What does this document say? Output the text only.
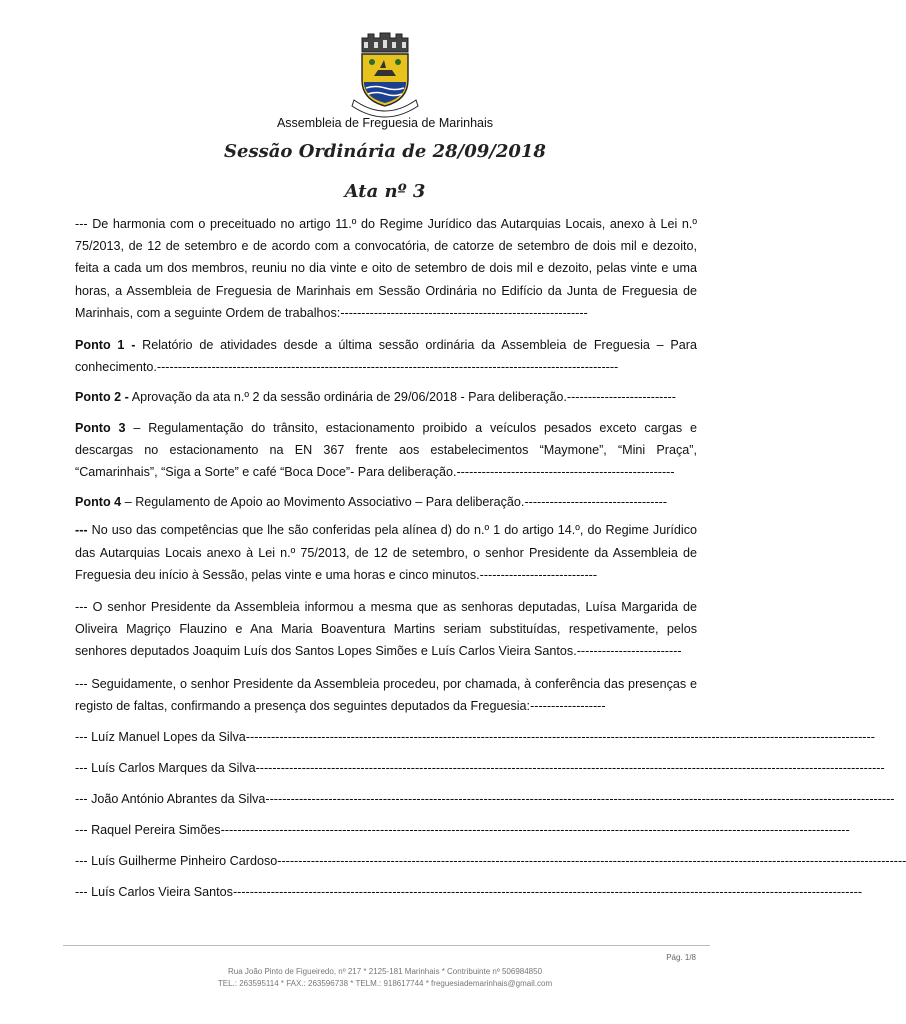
Assembleia de Freguesia de Marinhais
Sessão Ordinária de 28/09/2018
Ata nº 3

--- De harmonia com o preceituado no artigo 11.º do Regime Jurídico das Autarquias Locais, anexo à Lei n.º 75/2013, de 12 de setembro e de acordo com a convocatória, de catorze de setembro de dois mil e dezoito, feita a cada um dos membros, reuniu no dia vinte e oito de setembro de dois mil e dezoito, pelas vinte e uma horas, a Assembleia de Freguesia de Marinhais em Sessão Ordinária no Edifício da Junta de Freguesia de Marinhais, com a seguinte Ordem de trabalhos:-----------------------------------------------------------

Ponto 1 - Relatório de atividades desde a última sessão ordinária da Assembleia de Freguesia – Para conhecimento.--------------------------------------------------------------------------------------------------------------

Ponto 2 - Aprovação da ata n.º 2 da sessão ordinária de 29/06/2018 - Para deliberação.--------------------------

Ponto 3 – Regulamentação do trânsito, estacionamento proibido a veículos pesados exceto cargas e descargas no estacionamento na EN 367 frente aos estabelecimentos “Maymone”, “Mini Praça”, “Camarinhais”, “Siga a Sorte” e café “Boca Doce”- Para deliberação.----------------------------------------------------

Ponto 4 – Regulamento de Apoio ao Movimento Associativo – Para deliberação.----------------------------------

--- No uso das competências que lhe são conferidas pela alínea d) do n.º 1 do artigo 14.º, do Regime Jurídico das Autarquias Locais anexo à Lei n.º 75/2013, de 12 de setembro, o senhor Presidente da Assembleia de Freguesia deu início à Sessão, pelas vinte e uma horas e cinco minutos.----------------------------

--- O senhor Presidente da Assembleia informou a mesma que as senhoras deputadas, Luísa Margarida de Oliveira Magriço Flauzino e Ana Maria Boaventura Martins seriam substituídas, respetivamente, pelos senhores deputados Joaquim Luís dos Santos Lopes Simões e Luís Carlos Vieira Santos.-------------------------

--- Seguidamente, o senhor Presidente da Assembleia procedeu, por chamada, à conferência das presenças e registo de faltas, confirmando a presença dos seguintes deputados da Freguesia:------------------

--- Luíz Manuel Lopes da Silva ------------------------------------------------------------------------------------------------------------------------------------------------------

--- Luís Carlos Marques da Silva ------------------------------------------------------------------------------------------------------------------------------------------------------

--- João António Abrantes da Silva ------------------------------------------------------------------------------------------------------------------------------------------------------

--- Raquel Pereira Simões ------------------------------------------------------------------------------------------------------------------------------------------------------

--- Luís Guilherme Pinheiro Cardoso ------------------------------------------------------------------------------------------------------------------------------------------------------

--- Luís Carlos Vieira Santos ------------------------------------------------------------------------------------------------------------------------------------------------------

Pág. 1/8
Rua João Pinto de Figueiredo, nº 217 * 2125-181 Marinhais * Contribuinte nº 506984850
TEL.: 263595114 * FAX.: 263596738 * TELM.: 918617744 * freguesiademarinhais@gmail.com
